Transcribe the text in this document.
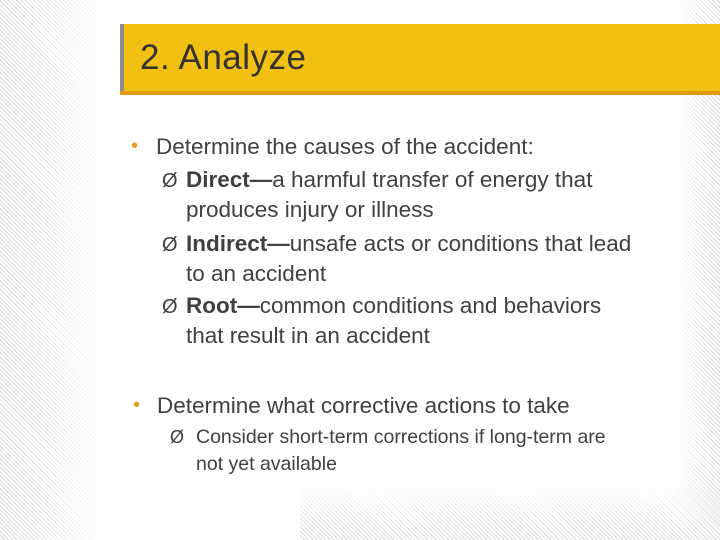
2. Analyze
• Determine the causes of the accident:
Ø Direct—a harmful transfer of energy that
produces injury or illness
Ø Indirect—unsafe acts or conditions that lead
to an accident
Ø Root—common conditions and behaviors
that result in an accident
• Determine what corrective actions to take
Ø Consider short-term corrections if long-term are
not yet available
